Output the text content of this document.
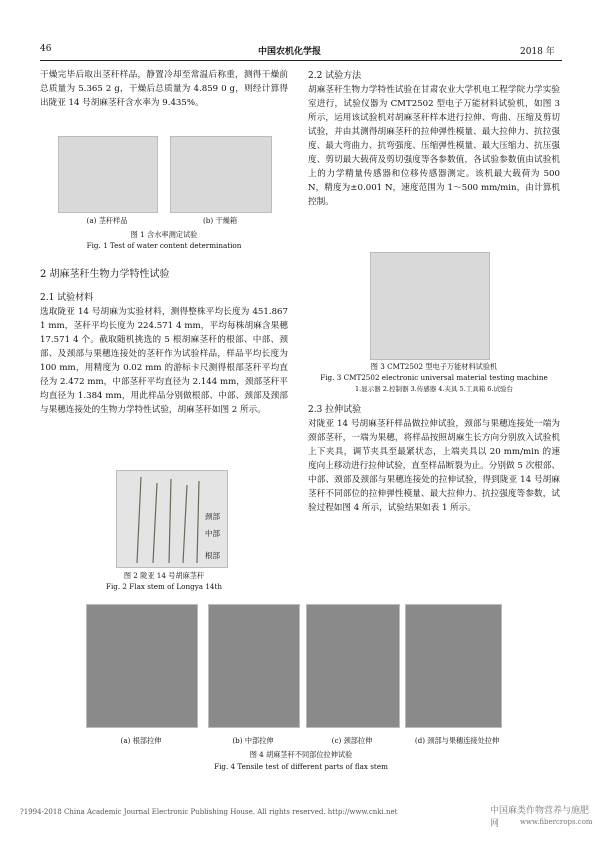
46	中国农机化学报	2018 年

干燥完毕后取出茎秆样品，静置冷却至常温后称重，测得干燥前总质量为 5.365 2 g，干燥后总质量为 4.859 0 g，则经计算得出陇亚 14 号胡麻茎秆含水率为 9.435%。

(a) 茎秆样品	(b) 干燥箱
图 1 含水率测定试验
Fig. 1 Test of water content determination
2 胡麻茎秆生物力学特性试验
2.1 试验材料

选取陇亚 14 号胡麻为实验材料，测得整株平均长度为 451.867 1 mm，茎秆平均长度为 224.571 4 mm，平均每株胡麻含果穗 17.571 4 个。截取随机挑选的 5 根胡麻茎秆的根部、中部、颈部、及颈部与果穗连接处的茎秆作为试验样品，样品平均长度为 100 mm，用精度为 0.02 mm 的游标卡尺测得根部茎秆平均直径为 2.472 mm，中部茎秆平均直径为 2.144 mm，颈部茎秆平均直径为 1.384 mm，用此样品分别做根部、中部、颈部及颈部与果穗连接处的生物力学特性试验，胡麻茎秆如图 2 所示。

颈部
中部
根部
图 2 陇亚 14 号胡麻茎秆
Fig. 2 Flax stem of Longya 14th
2.2 试验方法

胡麻茎秆生物力学特性试验在甘肃农业大学机电工程学院力学实验室进行，试验仪器为 CMT2502 型电子万能材料试验机，如图 3 所示，运用该试验机对胡麻茎秆样本进行拉伸、弯曲、压缩及剪切试验，并由其测得胡麻茎秆的拉伸弹性模量、最大拉伸力、抗拉强度、最大弯曲力、抗弯强度、压缩弹性模量、最大压缩力、抗压强度、剪切最大载荷及剪切强度等各参数值，各试验参数值由试验机上的力学精量传感器和位移传感器测定。该机最大载荷为 500 N，精度为±0.001 N，速度范围为 1～500 mm/min，由计算机控制。

图 3 CMT2502 型电子万能材料试验机
Fig. 3 CMT2502 electronic universal material testing machine
1.显示器 2.控制器 3.传感器 4.夹具 5.工具箱 6.试验台
2.3 拉伸试验

对陇亚 14 号胡麻茎秆样品做拉伸试验，颈部与果穗连接处一端为颈部茎秆，一端为果穗，将样品按照胡麻生长方向分别放入试验机上下夹具，调节夹具至最紧状态，上端夹具以 20 mm/min 的速度向上移动进行拉伸试验，直至样品断裂为止。分别做 5 次根部、中部、颈部及颈部与果穗连接处的拉伸试验，得到陇亚 14 号胡麻茎秆不同部位的拉伸弹性模量、最大拉伸力、抗拉强度等参数，试验过程如图 4 所示，试验结果如表 1 所示。

(a) 根部拉伸	(b) 中部拉伸	(c) 颈部拉伸	(d) 颈部与果穗连接处拉伸
图 4 胡麻茎秆不同部位拉伸试验
Fig. 4 Tensile test of different parts of flax stem
?1994-2018 China Academic Journal Electronic Publishing House. All rights reserved. http://www.cnki.net	中国麻类作物营养与施肥网	www.fibercrops.com
